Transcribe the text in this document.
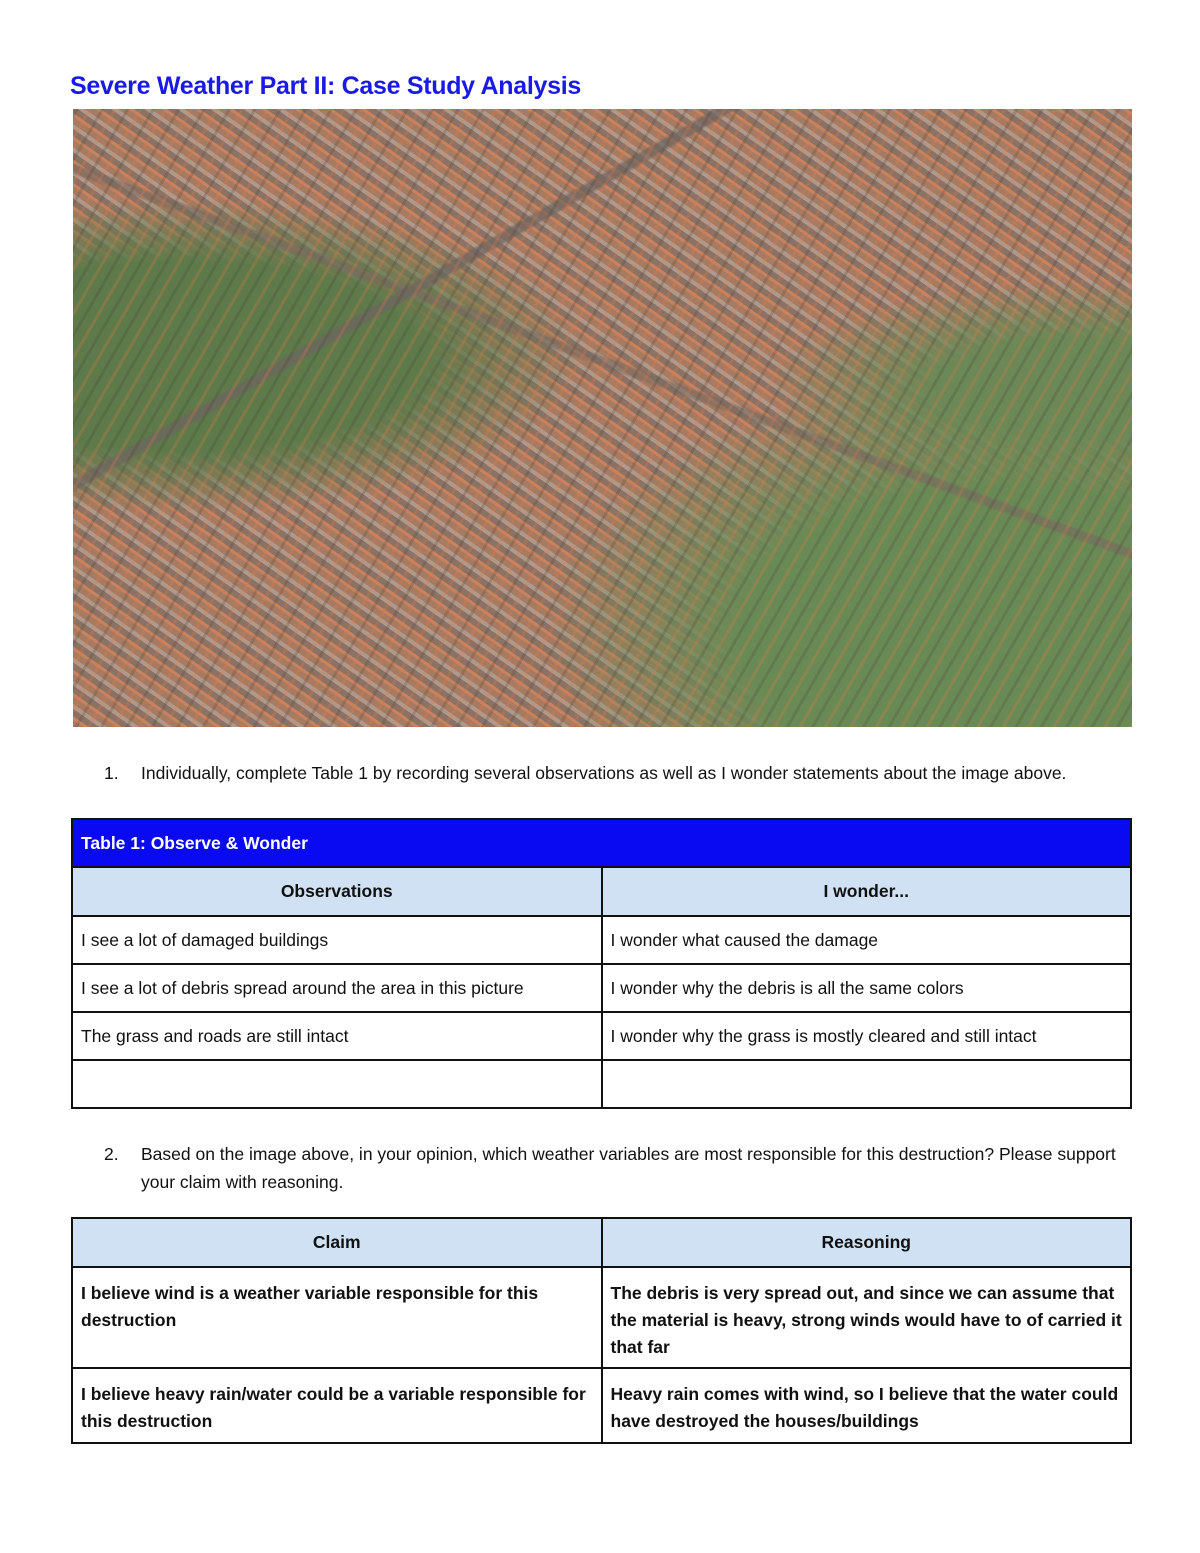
Severe Weather Part II: Case Study Analysis
1.	Individually, complete Table 1 by recording several observations as well as I wonder statements about the image above.
Table 1: Observe & Wonder	
Observations	I wonder...
I see a lot of damaged buildings	I wonder what caused the damage
I see a lot of debris spread around the area in this picture	I wonder why the debris is all the same colors
The grass and roads are still intact	I wonder why the grass is mostly cleared and still intact

2.	Based on the image above, in your opinion, which weather variables are most responsible for this destruction? Please support your claim with reasoning.
Claim	Reasoning
I believe wind is a weather variable responsible for this destruction	The debris is very spread out, and since we can assume that the material is heavy, strong winds would have to of carried it that far
I believe heavy rain/water could be a variable responsible for this destruction	Heavy rain comes with wind, so I believe that the water could have destroyed the houses/buildings
